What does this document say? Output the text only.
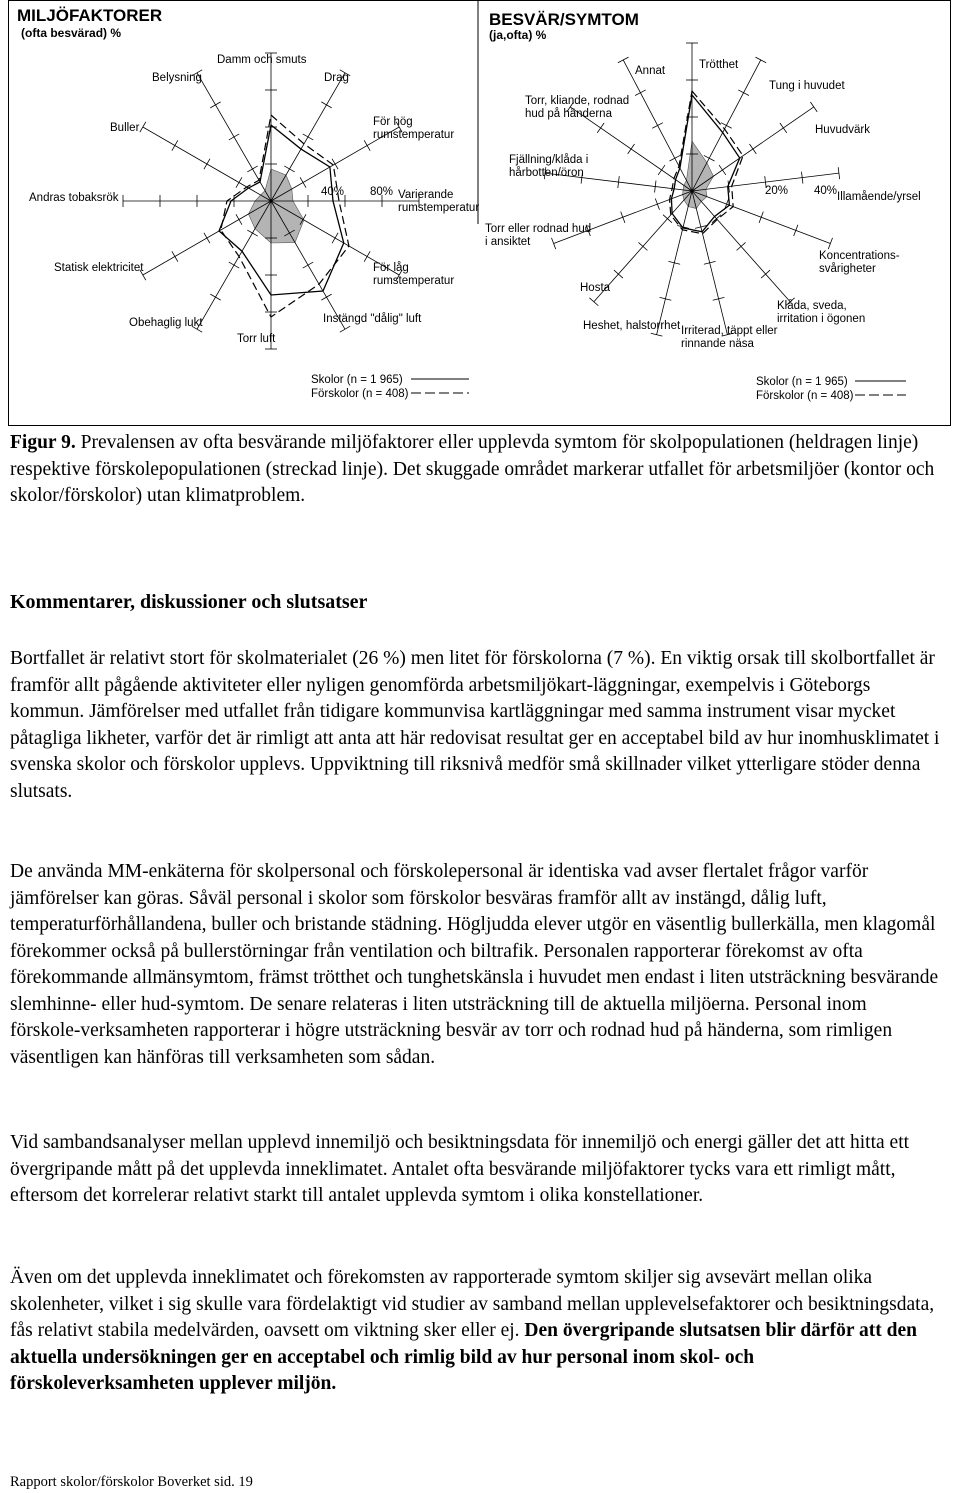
MILJÖFAKTORER
(ofta besvärad) %
Buller
Belysning
Damm och smuts
Drag
För hög rumstemperatur
Varierande rumstemperatur
För låg rumstemperatur
Instängd "dålig" luft
Torr luft
Obehaglig lukt
Statisk elektricitet
Andras tobaksrök	40% 80%
Skolor (n = 1 965)
Förskolor (n = 408)
BESVÄR/SYMTOM
(ja,ofta) %
Trötthet
Tung i huvudet
Huvudvärk
Illamående/yrsel
Koncentrations- svårigheter
Klåda, sveda, irritation i ögonen
Irriterad, täppt eller rinnande näsa
Heshet, halstorrhet
Hosta
Torr eller rodnad hud i ansiktet
Fjällning/klåda i hårbotten/öron
Torr, kliande, rodnad hud på händerna
Annat
20% 40%
Skolor (n = 1 965)
Förskolor (n = 408)
Figur 9. Prevalensen av ofta besvärande miljöfaktorer eller upplevda symtom för skolpopulationen (heldragen linje) respektive förskolepopulationen (streckad linje). Det skuggade området markerar utfallet för arbetsmiljöer (kontor och skolor/förskolor) utan klimatproblem.
Kommentarer, diskussioner och slutsatser
Bortfallet är relativt stort för skolmaterialet (26 %) men litet för förskolorna (7 %). En viktig orsak till skolbortfallet är framför allt pågående aktiviteter eller nyligen genomförda arbetsmiljökart-läggningar, exempelvis i Göteborgs kommun. Jämförelser med utfallet från tidigare kommunvisa kartläggningar med samma instrument visar mycket påtagliga likheter, varför det är rimligt att anta att här redovisat resultat ger en acceptabel bild av hur inomhusklimatet i svenska skolor och förskolor upplevs. Uppviktning till riksnivå medför små skillnader vilket ytterligare stöder denna slutsats.
De använda MM-enkäterna för skolpersonal och förskolepersonal är identiska vad avser flertalet frågor varför jämförelser kan göras. Såväl personal i skolor som förskolor besväras framför allt av instängd, dålig luft, temperaturförhållandena, buller och bristande städning. Högljudda elever utgör en väsentlig bullerkälla, men klagomål förekommer också på bullerstörningar från ventilation och biltrafik. Personalen rapporterar förekomst av ofta förekommande allmänsymtom, främst trötthet och tunghetskänsla i huvudet men endast i liten utsträckning besvärande slemhinne- eller hud-symtom. De senare relateras i liten utsträckning till de aktuella miljöerna. Personal inom förskole-verksamheten rapporterar i högre utsträckning besvär av torr och rodnad hud på händerna, som rimligen väsentligen kan hänföras till verksamheten som sådan.
Vid sambandsanalyser mellan upplevd innemiljö och besiktningsdata för innemiljö och energi gäller det att hitta ett övergripande mått på det upplevda inneklimatet. Antalet ofta besvärande miljöfaktorer tycks vara ett rimligt mått, eftersom det korrelerar relativt starkt till antalet upplevda symtom i olika konstellationer.
Även om det upplevda inneklimatet och förekomsten av rapporterade symtom skiljer sig avsevärt mellan olika skolenheter, vilket i sig skulle vara fördelaktigt vid studier av samband mellan upplevelsefaktorer och besiktningsdata, fås relativt stabila medelvärden, oavsett om viktning sker eller ej. Den övergripande slutsatsen blir därför att den aktuella undersökningen ger en acceptabel och rimlig bild av hur personal inom skol- och förskoleverksamheten upplever miljön.
Rapport skolor/förskolor Boverket sid. 19
